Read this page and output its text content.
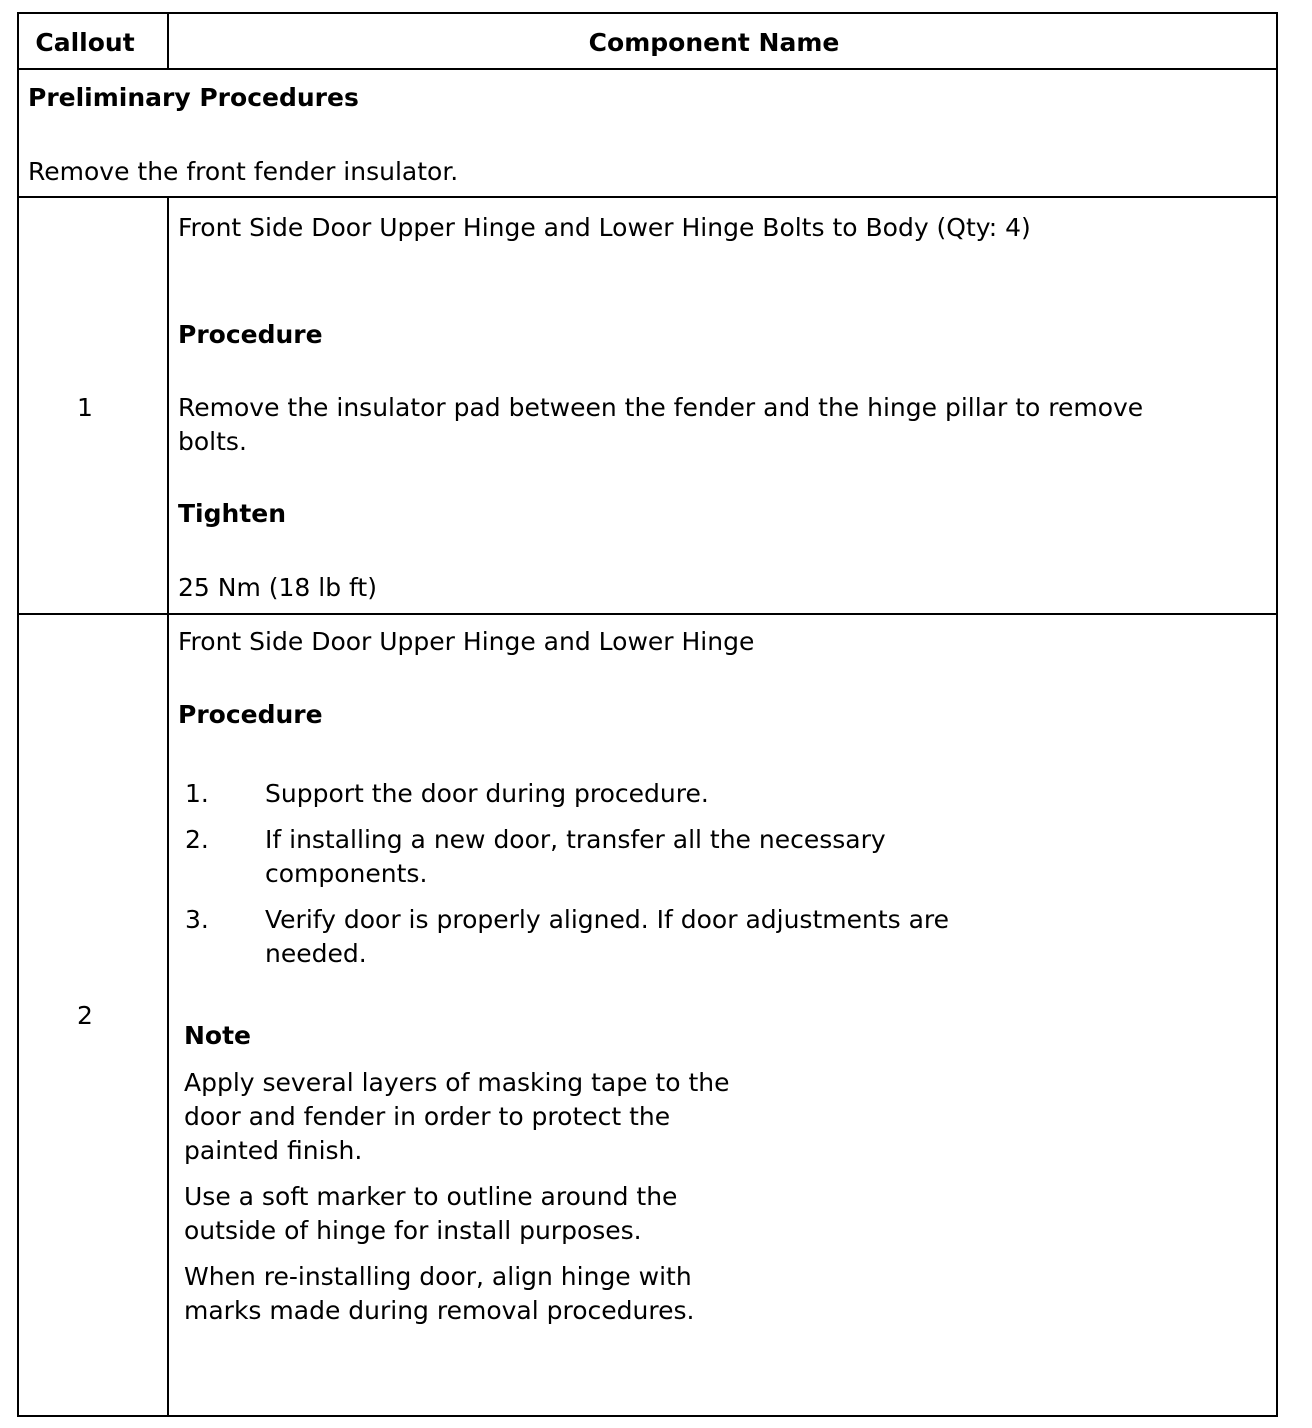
Callout	Component Name
Preliminary Procedures
Remove the front fender insulator.
1
Front Side Door Upper Hinge and Lower Hinge Bolts to Body (Qty: 4)
Procedure
Remove the insulator pad between the fender and the hinge pillar to remove
bolts.
Tighten
25 Nm (18 lb ft)
2
Front Side Door Upper Hinge and Lower Hinge
Procedure
1. Support the door during procedure.
2. If installing a new door, transfer all the necessary
components.
3. Verify door is properly aligned. If door adjustments are
needed.
Note
Apply several layers of masking tape to the
door and fender in order to protect the
painted finish.
Use a soft marker to outline around the
outside of hinge for install purposes.
When re-installing door, align hinge with
marks made during removal procedures.
